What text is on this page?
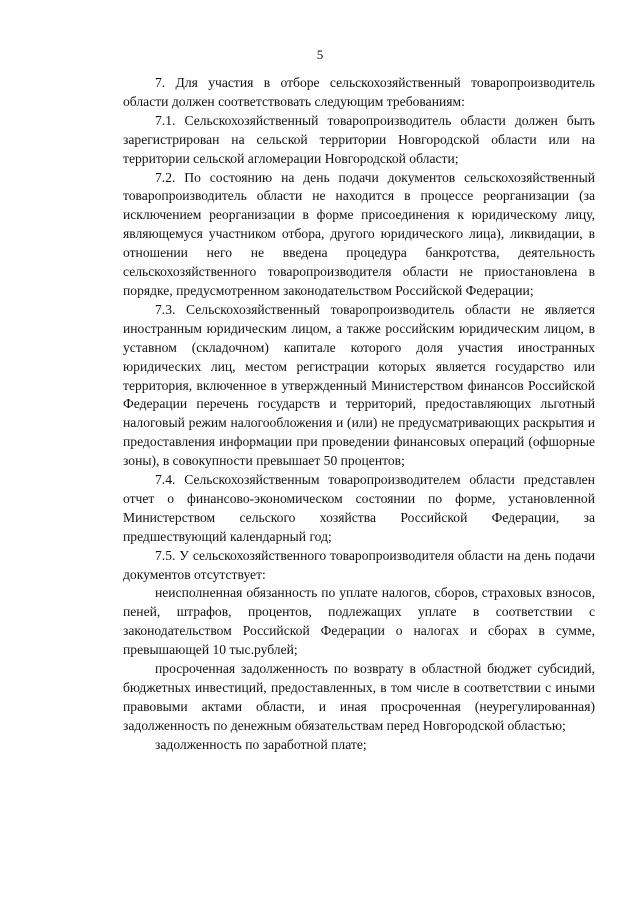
5

7. Для участия в отборе сельскохозяйственный товаропроизводитель области должен соответствовать следующим требованиям:

7.1. Сельскохозяйственный товаропроизводитель области должен быть зарегистрирован на сельской территории Новгородской области или на территории сельской агломерации Новгородской области;

7.2. По состоянию на день подачи документов сельскохозяйственный товаропроизводитель области не находится в процессе реорганизации (за исключением реорганизации в форме присоединения к юридическому лицу, являющемуся участником отбора, другого юридического лица), ликвидации, в отношении него не введена процедура банкротства, деятельность сельскохозяйственного товаропроизводителя области не приостановлена в порядке, предусмотренном законодательством Российской Федерации;

7.3. Сельскохозяйственный товаропроизводитель области не является иностранным юридическим лицом, а также российским юридическим лицом, в уставном (складочном) капитале которого доля участия иностранных юридических лиц, местом регистрации которых является государство или территория, включенное в утвержденный Министерством финансов Российской Федерации перечень государств и территорий, предоставляющих льготный налоговый режим налогообложения и (или) не предусматривающих раскрытия и предоставления информации при проведении финансовых операций (офшорные зоны), в совокупности превышает 50 процентов;

7.4. Сельскохозяйственным товаропроизводителем области представлен отчет о финансово-экономическом состоянии по форме, установленной Министерством сельского хозяйства Российской Федерации, за предшествующий календарный год;

7.5. У сельскохозяйственного товаропроизводителя области на день подачи документов отсутствует:

неисполненная обязанность по уплате налогов, сборов, страховых взносов, пеней, штрафов, процентов, подлежащих уплате в соответствии с законодательством Российской Федерации о налогах и сборах в сумме, превышающей 10 тыс.рублей;

просроченная задолженность по возврату в областной бюджет субсидий, бюджетных инвестиций, предоставленных, в том числе в соответствии с иными правовыми актами области, и иная просроченная (неурегулированная) задолженность по денежным обязательствам перед Новгородской областью;

задолженность по заработной плате;
